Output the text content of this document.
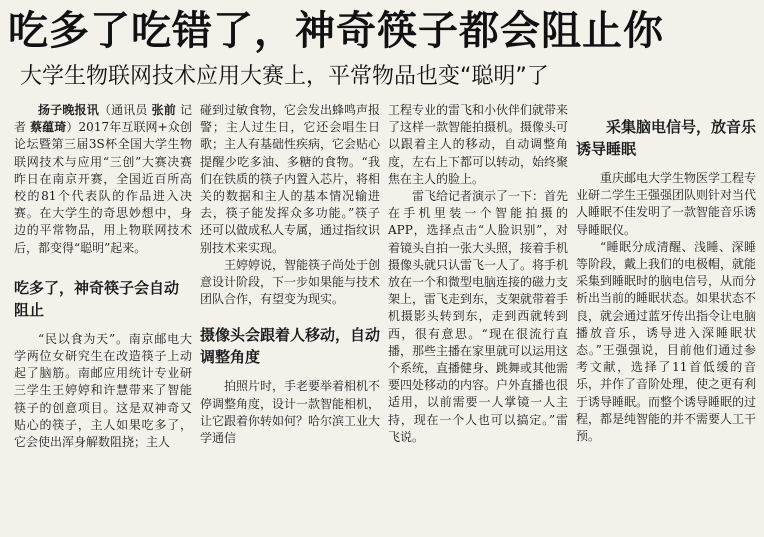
吃多了吃错了，神奇筷子都会阻止你
大学生物联网技术应用大赛上，平常物品也变“聪明”了

扬子晚报讯（通讯员 张前 记者 蔡蕴琦）2017年互联网+众创论坛暨第三届3S杯全国大学生物联网技术与应用“三创”大赛决赛昨日在南京开赛，全国近百所高校的81个代表队的作品进入决赛。在大学生的奇思妙想中，身边的平常物品，用上物联网技术后，都变得“聪明”起来。

吃多了，神奇筷子会自动阻止

“民以食为天”。南京邮电大学两位女研究生在改造筷子上动起了脑筋。南邮应用统计专业研三学生王婷婷和许慧带来了智能筷子的创意项目。这是双神奇又贴心的筷子，主人如果吃多了，它会使出浑身解数阻挠；主人

碰到过敏食物，它会发出蜂鸣声报警；主人过生日，它还会唱生日歌；主人有基础性疾病，它会贴心提醒少吃多油、多糖的食物。“我们在铁质的筷子内置入芯片，将相关的数据和主人的基本情况输进去，筷子能发挥众多功能。”筷子还可以做成私人专属，通过指纹识别技术来实现。

王婷婷说，智能筷子尚处于创意设计阶段，下一步如果能与技术团队合作，有望变为现实。

摄像头会跟着人移动，自动调整角度

拍照片时，手老要举着相机不停调整角度，设计一款智能相机，让它跟着你转如何？哈尔滨工业大学通信

工程专业的雷飞和小伙伴们就带来了这样一款智能拍摄机。摄像头可以跟着主人的移动，自动调整角度，左右上下都可以转动，始终聚焦在主人的脸上。

雷飞给记者演示了一下：首先在手机里装一个智能拍摄的APP，选择点击“人脸识别”，对着镜头自拍一张大头照，接着手机摄像头就只认雷飞一人了。将手机放在一个和微型电脑连接的磁力支架上，雷飞走到东，支架就带着手机摄影头转到东，走到西就转到西，很有意思。“现在很流行直播，那些主播在家里就可以运用这个系统，直播健身、跳舞或其他需要四处移动的内容。户外直播也很适用，以前需要一人掌镜一人主持，现在一个人也可以搞定。”雷飞说。

采集脑电信号，放音乐诱导睡眠

重庆邮电大学生物医学工程专业研二学生王强强团队则针对当代人睡眠不佳发明了一款智能音乐诱导睡眠仪。

“睡眠分成清醒、浅睡、深睡等阶段，戴上我们的电极帽，就能采集到睡眠时的脑电信号，从而分析出当前的睡眠状态。如果状态不良，就会通过蓝牙传出指令让电脑播放音乐，诱导进入深睡眠状态。”王强强说，目前他们通过参考文献，选择了11首低缓的音乐，并作了音阶处理，使之更有利于诱导睡眠。而整个诱导睡眠的过程，都是纯智能的并不需要人工干预。
